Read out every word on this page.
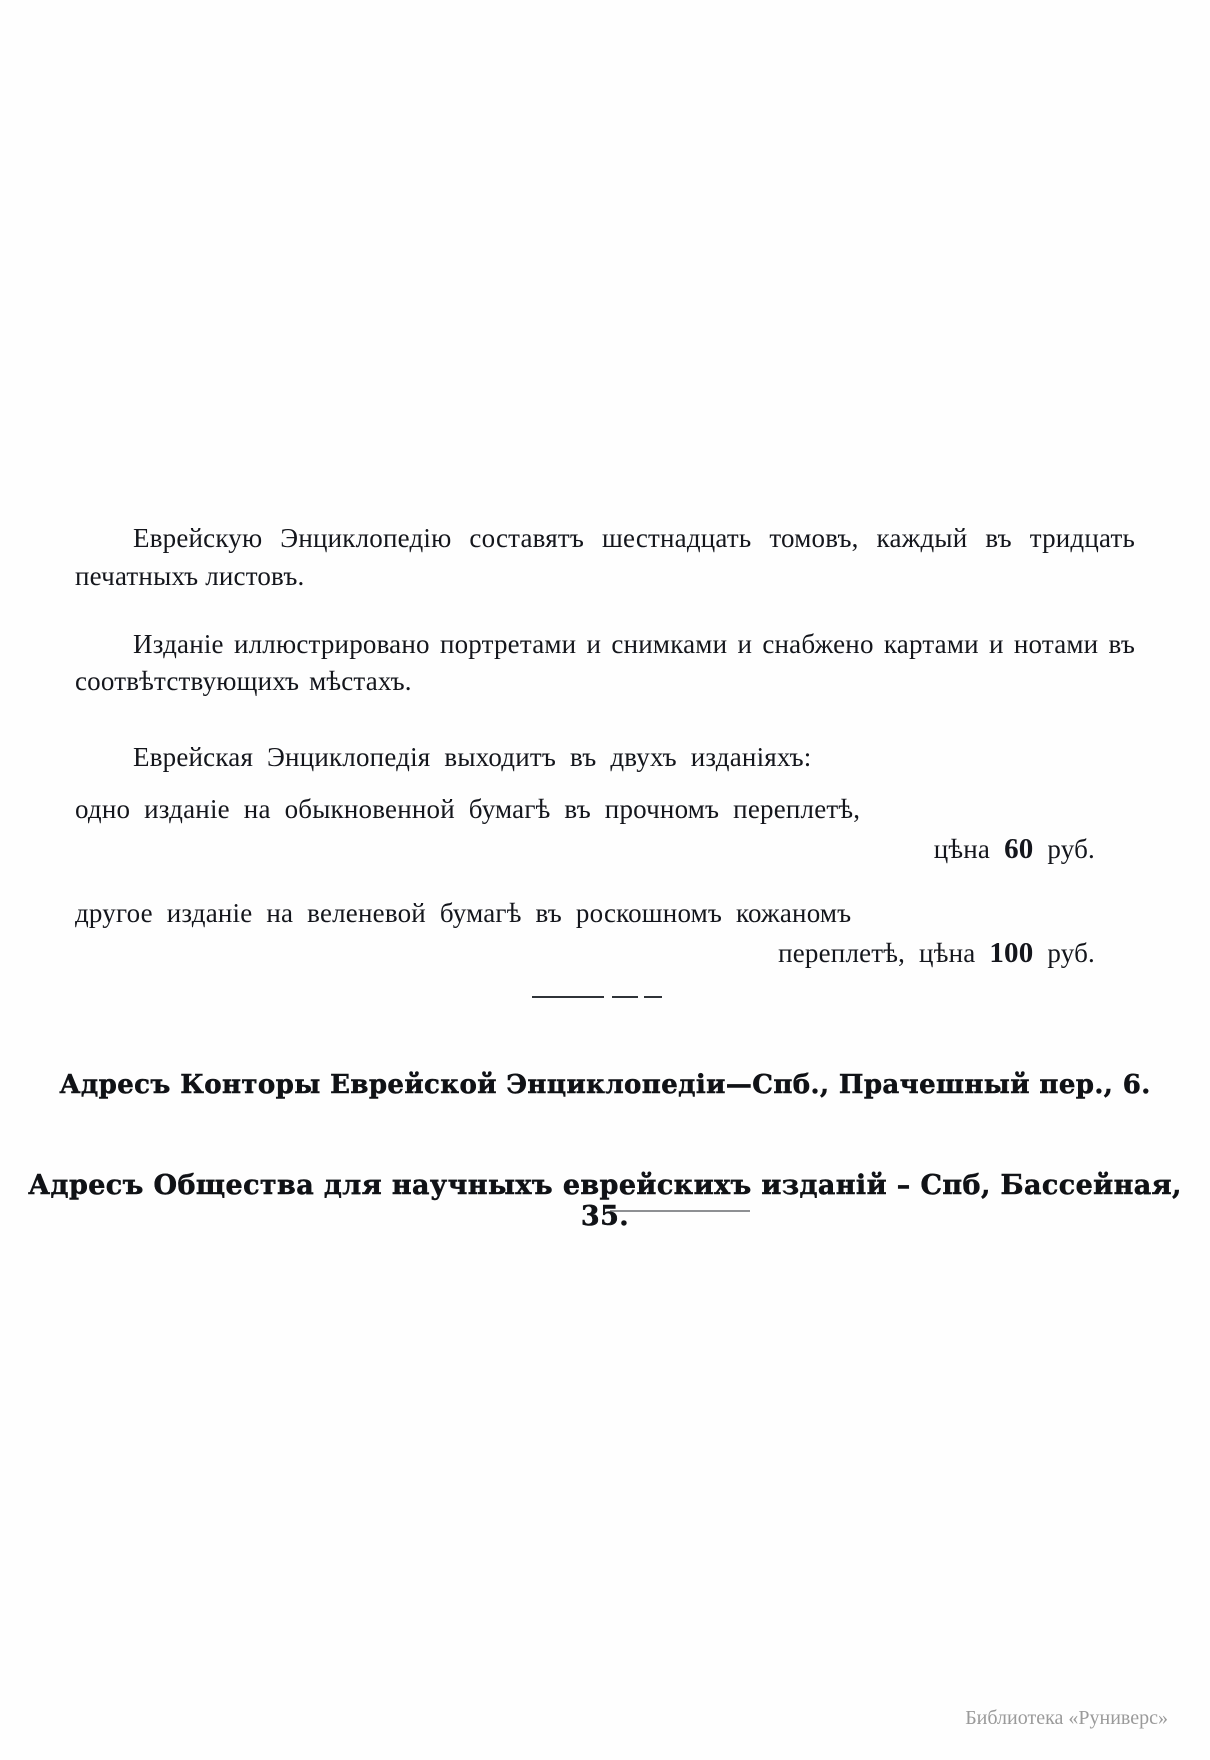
Еврейскую Энциклопедію составятъ шестнадцать томовъ, каждый въ тридцать печатныхъ листовъ.

Изданіе иллюстрировано портретами и снимками и снабжено картами и нотами въ соотвѣтствующихъ мѣстахъ.

Еврейская Энциклопедія выходитъ въ двухъ изданіяхъ:

одно изданіе на обыкновенной бумагѣ въ прочномъ переплетѣ,
цѣна 60 руб.

другое изданіе на веленевой бумагѣ въ роскошномъ кожаномъ
переплетѣ, цѣна 100 руб.

Адресъ Конторы Еврейской Энциклопедіи—Спб., Прачешный пер., 6.
Адресъ Общества для научныхъ еврейскихъ изданій – Спб, Бассейная, 35.
Библиотека «Руниверс»
